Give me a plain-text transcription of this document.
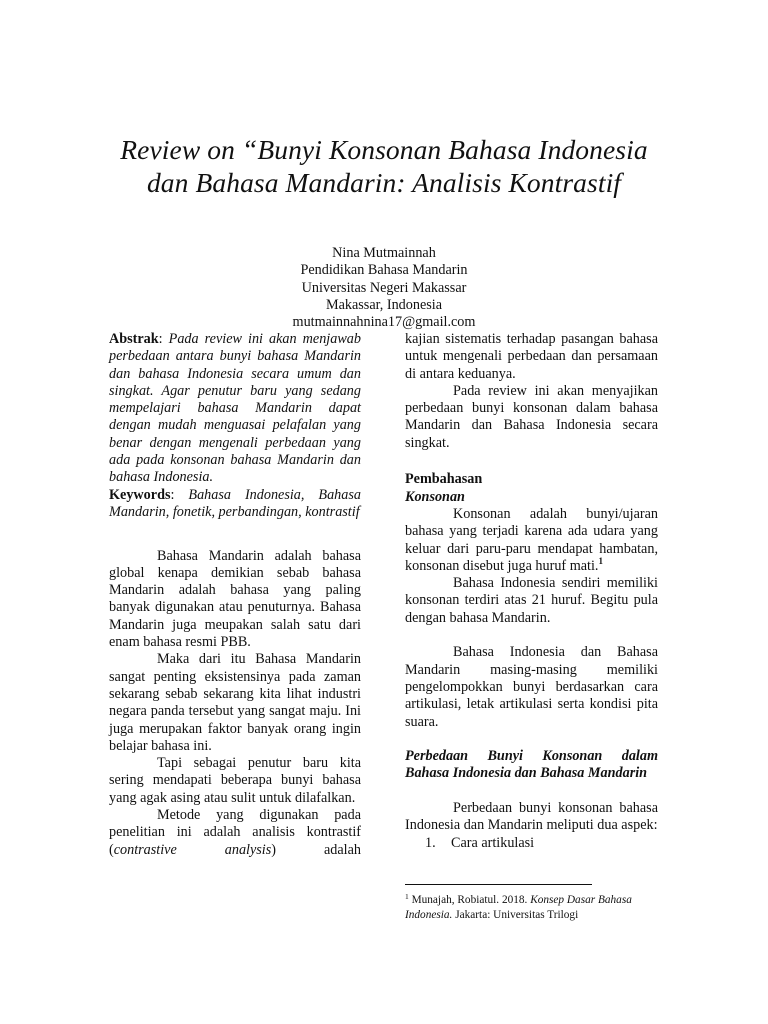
Review on “Bunyi Konsonan Bahasa Indonesia dan Bahasa Mandarin: Analisis Kontrastif
Nina Mutmainnah
Pendidikan Bahasa Mandarin
Universitas Negeri Makassar
Makassar, Indonesia
mutmainnahnina17@gmail.com

Abstrak: Pada review ini akan menjawab perbedaan antara bunyi bahasa Mandarin dan bahasa Indonesia secara umum dan singkat. Agar penutur baru yang sedang mempelajari bahasa Mandarin dapat dengan mudah menguasai pelafalan yang benar dengan mengenali perbedaan yang ada pada konsonan bahasa Mandarin dan bahasa Indonesia.

Keywords: Bahasa Indonesia, Bahasa Mandarin, fonetik, perbandingan, kontrastif

Bahasa Mandarin adalah bahasa global kenapa demikian sebab bahasa Mandarin adalah bahasa yang paling banyak digunakan atau penuturnya. Bahasa Mandarin juga meupakan salah satu dari enam bahasa resmi PBB.

Maka dari itu Bahasa Mandarin sangat penting eksistensinya pada zaman sekarang sebab sekarang kita lihat industri negara panda tersebut yang sangat maju. Ini juga merupakan faktor banyak orang ingin belajar bahasa ini.

Tapi sebagai penutur baru kita sering mendapati beberapa bunyi bahasa yang agak asing atau sulit untuk dilafalkan.

Metode yang digunakan pada penelitian ini adalah analisis kontrastif (contrastive analysis) adalah

kajian sistematis terhadap pasangan bahasa untuk mengenali perbedaan dan persamaan di antara keduanya.

Pada review ini akan menyajikan perbedaan bunyi konsonan dalam bahasa Mandarin dan Bahasa Indonesia secara singkat.

Pembahasan

Konsonan

Konsonan adalah bunyi/ujaran bahasa yang terjadi karena ada udara yang keluar dari paru-paru mendapat hambatan, konsonan disebut juga huruf mati.$^1$

Bahasa Indonesia sendiri memiliki konsonan terdiri atas 21 huruf. Begitu pula dengan bahasa Mandarin.

Bahasa Indonesia dan Bahasa Mandarin masing-masing memiliki pengelompokkan bunyi berdasarkan cara artikulasi, letak artikulasi serta kondisi pita suara.

Perbedaan Bunyi Konsonan dalam Bahasa Indonesia dan Bahasa Mandarin

Perbedaan bunyi konsonan bahasa Indonesia dan Mandarin meliputi dua aspek:

1. Cara artikulasi
$^1$ Munajah, Robiatul. 2018. Konsep Dasar Bahasa Indonesia. Jakarta: Universitas Trilogi
